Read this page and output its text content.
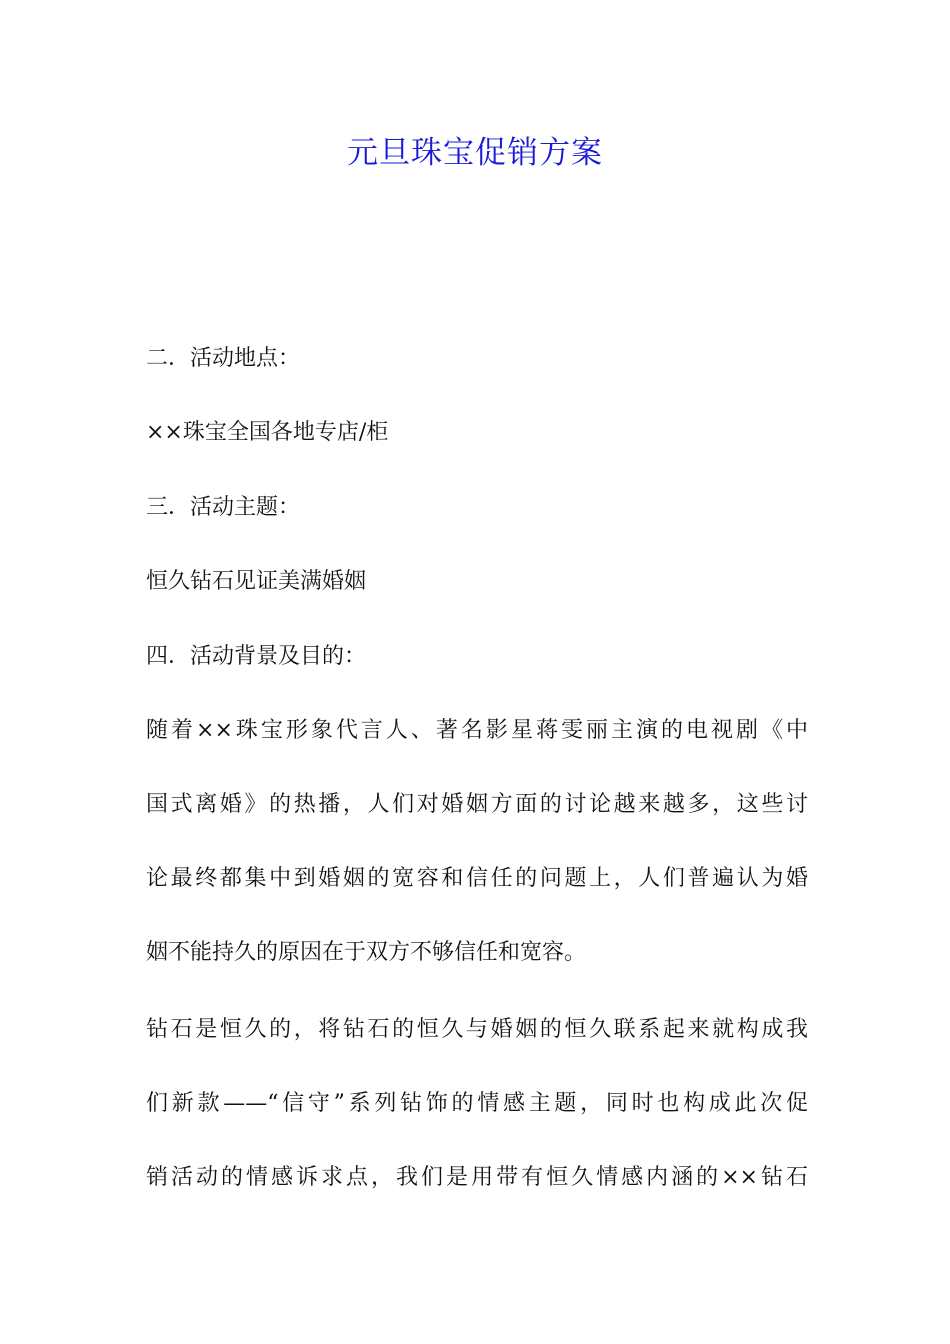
元旦珠宝促销方案

二．活动地点：

××珠宝全国各地专店/柜

三．活动主题：

恒久钻石见证美满婚姻

四．活动背景及目的：

随着××珠宝形象代言人、著名影星蒋雯丽主演的电视剧《中
国式离婚》的热播，人们对婚姻方面的讨论越来越多，这些讨
论最终都集中到婚姻的宽容和信任的问题上，人们普遍认为婚
姻不能持久的原因在于双方不够信任和宽容。

钻石是恒久的，将钻石的恒久与婚姻的恒久联系起来就构成我
们新款——“信守”系列钻饰的情感主题，同时也构成此次促
销活动的情感诉求点，我们是用带有恒久情感内涵的××钻石
